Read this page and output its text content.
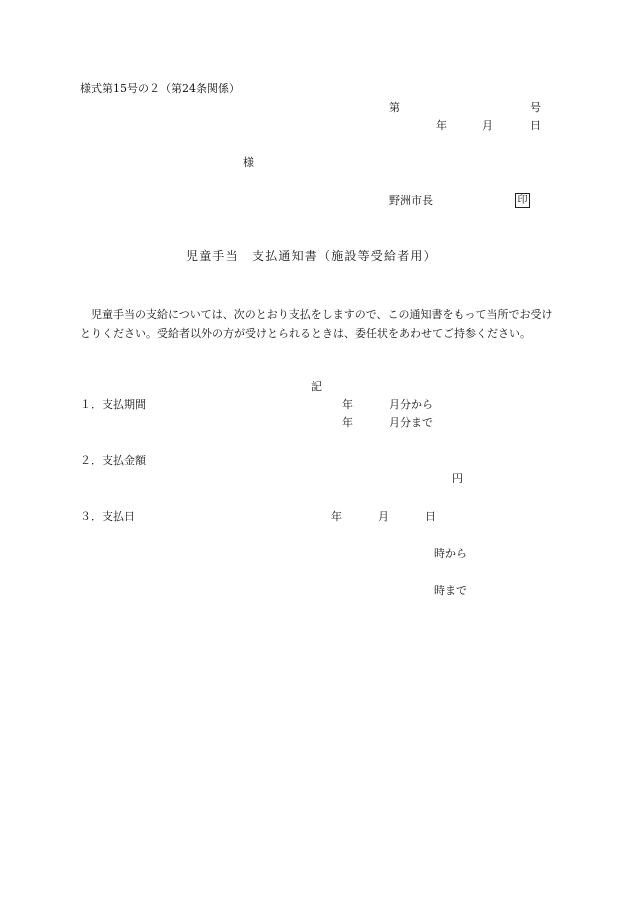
様式第15号の２（第24条関係）
第	号
年	月	日
様
野洲市長	印
児童手当　支払通知書（施設等受給者用）
児童手当の支給については、次のとおり支払をしますので、この通知書をもって当所でお受けとりください。受給者以外の方が受けとられるときは、委任状をあわせてご持参ください。
記
１．支払期間	年	月分から
年	月分まで
２．支払金額
円
３．支払日	年	月	日
時から
時まで
